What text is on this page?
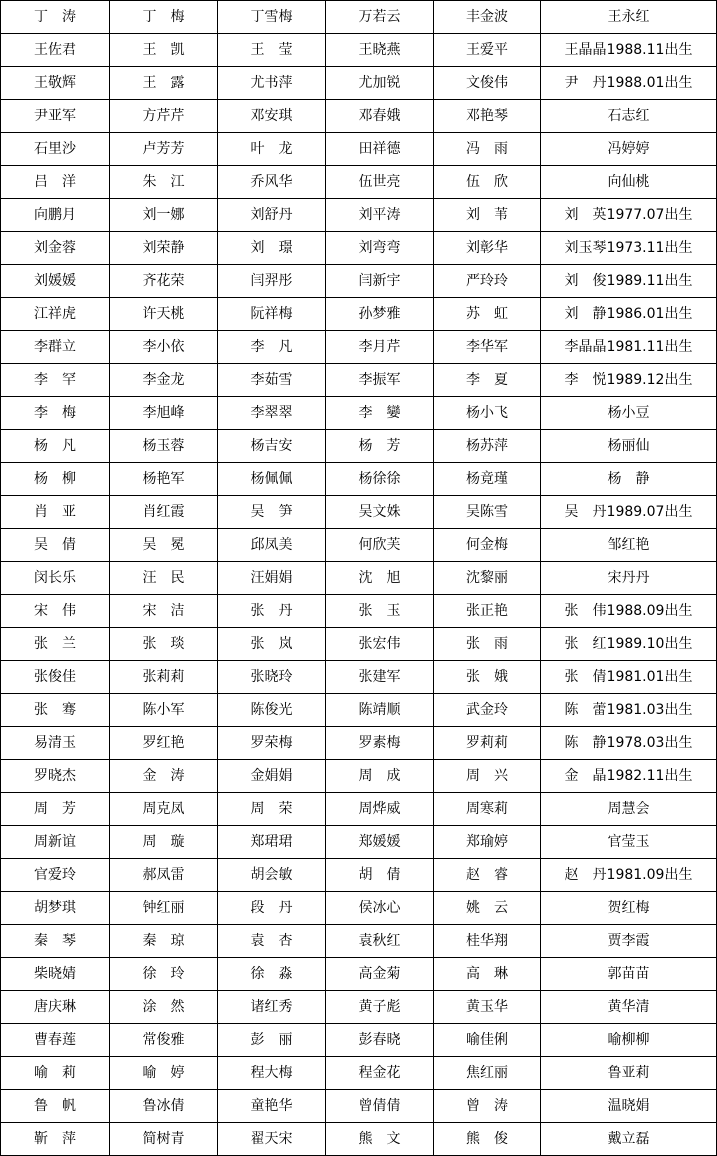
丁　涛	丁　梅	丁雪梅	万若云	丰金波	王永红
王佐君	王　凯	王　莹	王晓燕	王爱平	王晶晶1988.11出生
王敬辉	王　露	尤书萍	尤加锐	文俊伟	尹　丹1988.01出生
尹亚军	方芹芹	邓安琪	邓春娥	邓艳琴	石志红
石里沙	卢芳芳	叶　龙	田祥德	冯　雨	冯婷婷
吕　洋	朱　江	乔风华	伍世亮	伍　欣	向仙桃
向鹏月	刘一娜	刘舒丹	刘平涛	刘　苇	刘　英1977.07出生
刘金蓉	刘荣静	刘　璟	刘弯弯	刘彰华	刘玉琴1973.11出生
刘媛媛	齐花荣	闫羿彤	闫新宇	严玲玲	刘　俊1989.11出生
江祥虎	许天桃	阮祥梅	孙梦雅	苏　虹	刘　静1986.01出生
李群立	李小依	李　凡	李月芹	李华军	李晶晶1981.11出生
李　罕	李金龙	李茹雪	李振军	李　夏	李　悦1989.12出生
李　梅	李旭峰	李翠翠	李　孌	杨小飞	杨小豆
杨　凡	杨玉蓉	杨吉安	杨　芳	杨苏萍	杨丽仙
杨　柳	杨艳军	杨佩佩	杨徐徐	杨竟瑾	杨　静
肖　亚	肖红霞	吴　笋	吴文姝	吴陈雪	吴　丹1989.07出生
吴　倩	吴　冕	邱凤美	何欣芙	何金梅	邹红艳
闵长乐	汪　民	汪娟娟	沈　旭	沈黎丽	宋丹丹
宋　伟	宋　洁	张　丹	张　玉	张正艳	张　伟1988.09出生
张　兰	张　琰	张　岚	张宏伟	张　雨	张　红1989.10出生
张俊佳	张莉莉	张晓玲	张建军	张　娥	张　倩1981.01出生
张　骞	陈小军	陈俊光	陈靖顺	武金玲	陈　蕾1981.03出生
易清玉	罗红艳	罗荣梅	罗素梅	罗莉莉	陈　静1978.03出生
罗晓杰	金　涛	金娟娟	周　成	周　兴	金　晶1982.11出生
周　芳	周克凤	周　荣	周烨威	周寒莉	周慧会
周新谊	周　璇	郑珺珺	郑媛媛	郑瑜婷	官莹玉
官爱玲	郝凤雷	胡会敏	胡　倩	赵　睿	赵　丹1981.09出生
胡梦琪	钟红丽	段　丹	侯冰心	姚　云	贺红梅
秦　琴	秦　琼	袁　杏	袁秋红	桂华翔	贾李霞
柴晓婧	徐　玲	徐　淼	高金菊	高　琳	郭苗苗
唐庆琳	涂　然	诸红秀	黄子彪	黄玉华	黄华清
曹春莲	常俊雅	彭　丽	彭春晓	喻佳俐	喻柳柳
喻　莉	喻　婷	程大梅	程金花	焦红丽	鲁亚莉
鲁　帆	鲁冰倩	童艳华	曾倩倩	曾　涛	温晓娟
靳　萍	简树青	翟天宋	熊　文	熊　俊	戴立磊
